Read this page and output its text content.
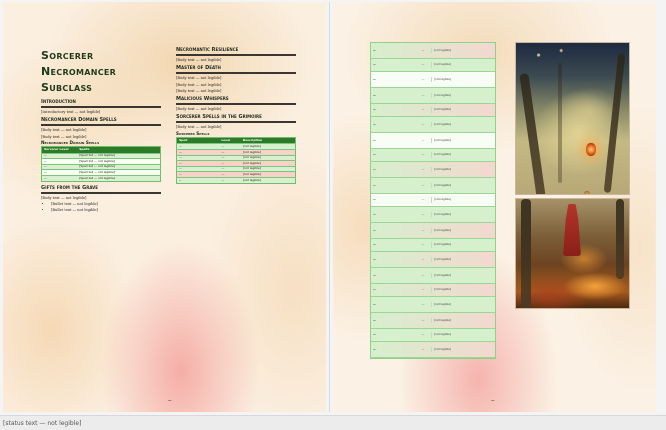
Sorcerer Necromancer
Subclass
Introduction

[Introductory text — not legible]

Necromancer Domain Spells

[Body text — not legible]

[Body text — not legible]

Necromancer Domain Spells
Sorcerer Level	Spells
—	[Spell list — not legible]
—	[Spell list — not legible]
—	[Spell list — not legible]
—	[Spell list — not legible]
—	[Spell list — not legible]
Gifts from the Grave

[Body text — not legible]

• [Bullet text — not legible]
• [Bullet text — not legible]
Necromantic Resilience

[Body text — not legible]

Master of Death

[Body text — not legible]

[Body text — not legible]

[Body text — not legible]

Malicious Whispers

[Body text — not legible]

Sorcerer Spells in the Grimoire

[Body text — not legible]

Sorcerer Spells
Spell	Level	Description
—	—	[not legible]
—	—	[not legible]
—	—	[not legible]
—	—	[not legible]
—	—	[not legible]
—	—	[not legible]
—	—	[not legible]
—
—	—	[not legible]
—	—	[not legible]
—	—	[not legible]
—	—	[not legible]
—	—	[not legible]
—	—	[not legible]
—	—	[not legible]
—	—	[not legible]
—	—	[not legible]
—	—	[not legible]
—	—	[not legible]
—	—	[not legible]
—	—	[not legible]
—	—	[not legible]
—	—	[not legible]
—	—	[not legible]
—	—	[not legible]
—	—	[not legible]
—	—	[not legible]
—	—	[not legible]
—	—	[not legible]
—
[status text — not legible]
